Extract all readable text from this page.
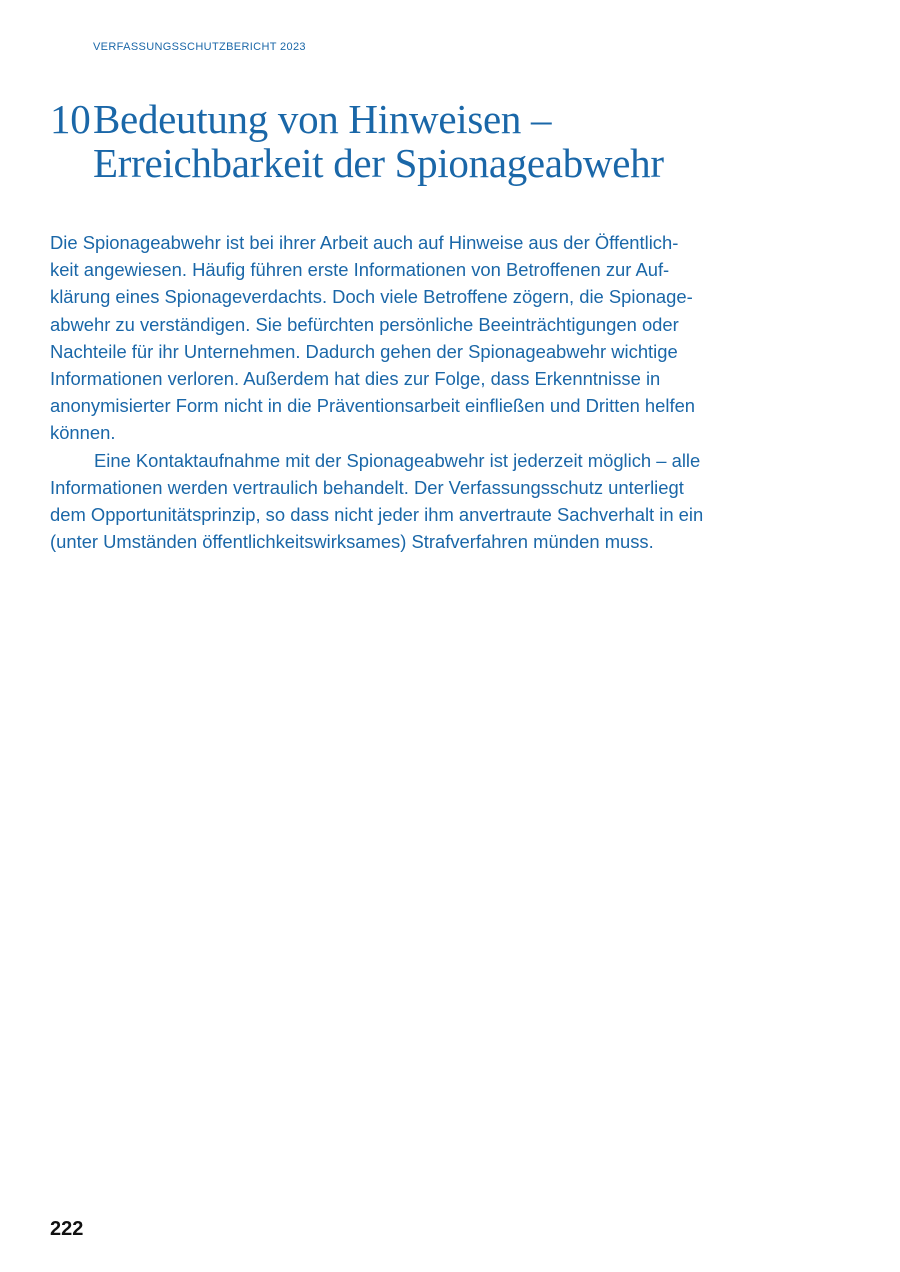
VERFASSUNGSSCHUTZBERICHT 2023
10Bedeutung von Hinweisen –
Erreichbarkeit der Spionageabwehr
Die Spionageabwehr ist bei ihrer Arbeit auch auf Hinweise aus der Öffentlich-
keit angewiesen. Häufig führen erste Informationen von Betroffenen zur Auf-
klärung eines Spionageverdachts. Doch viele Betroffene zögern, die Spionage-
abwehr zu verständigen. Sie befürchten persönliche Beeinträchtigungen oder
Nachteile für ihr Unternehmen. Dadurch gehen der Spionageabwehr wichtige
Informationen verloren. Außerdem hat dies zur Folge, dass Erkenntnisse in
anonymisierter Form nicht in die Präventionsarbeit einfließen und Dritten helfen
können.
Eine Kontaktaufnahme mit der Spionageabwehr ist jederzeit möglich – alle
Informationen werden vertraulich behandelt. Der Verfassungsschutz unterliegt
dem Opportunitätsprinzip, so dass nicht jeder ihm anvertraute Sachverhalt in ein
(unter Umständen öffentlichkeitswirksames) Strafverfahren münden muss.
222
